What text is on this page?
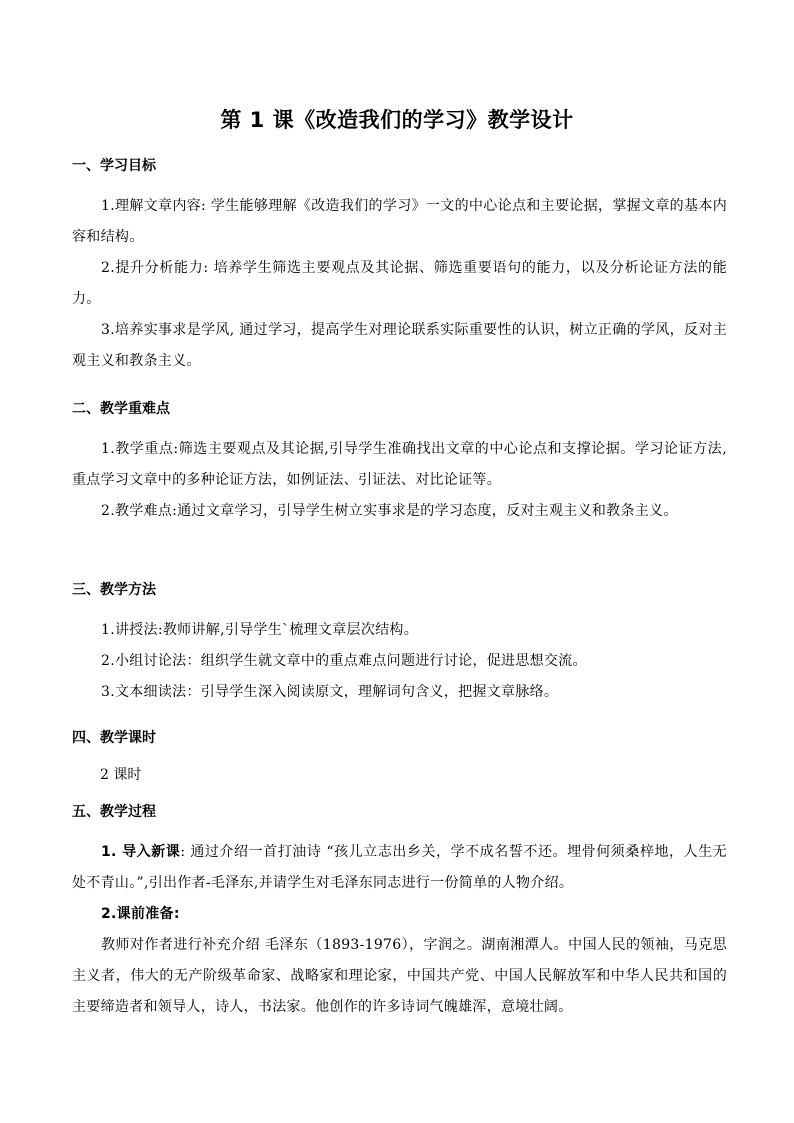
第 1 课《改造我们的学习》教学设计
一、学习目标
1.理解文章内容: 学生能够理解《改造我们的学习》一文的中心论点和主要论据，掌握文章的基本内容和结构。
2.提升分析能力: 培养学生筛选主要观点及其论据、筛选重要语句的能力，以及分析论证方法的能力。
3.培养实事求是学风, 通过学习，提高学生对理论联系实际重要性的认识，树立正确的学风，反对主观主义和教条主义。
二、教学重难点
1.教学重点:筛选主要观点及其论据,引导学生准确找出文章的中心论点和支撑论据。学习论证方法,重点学习文章中的多种论证方法，如例证法、引证法、对比论证等。
2.教学难点:通过文章学习，引导学生树立实事求是的学习态度，反对主观主义和教条主义。
三、教学方法
1.讲授法:教师讲解,引导学生`梳理文章层次结构。
2.小组讨论法：组织学生就文章中的重点难点问题进行讨论，促进思想交流。
3.文本细读法：引导学生深入阅读原文，理解词句含义，把握文章脉络。
四、教学课时
2 课时
五、教学过程
1. 导入新课: 通过介绍一首打油诗 “孩儿立志出乡关，学不成名誓不还。埋骨何须桑梓地，人生无处不青山。”,引出作者-毛泽东,并请学生对毛泽东同志进行一份简单的人物介绍。
2.课前准备:
教师对作者进行补充介绍 毛泽东（1893-1976），字润之。湖南湘潭人。中国人民的领袖，马克思主义者，伟大的无产阶级革命家、战略家和理论家，中国共产党、中国人民解放军和中华人民共和国的主要缔造者和领导人，诗人，书法家。他创作的许多诗词气魄雄浑，意境壮阔。
